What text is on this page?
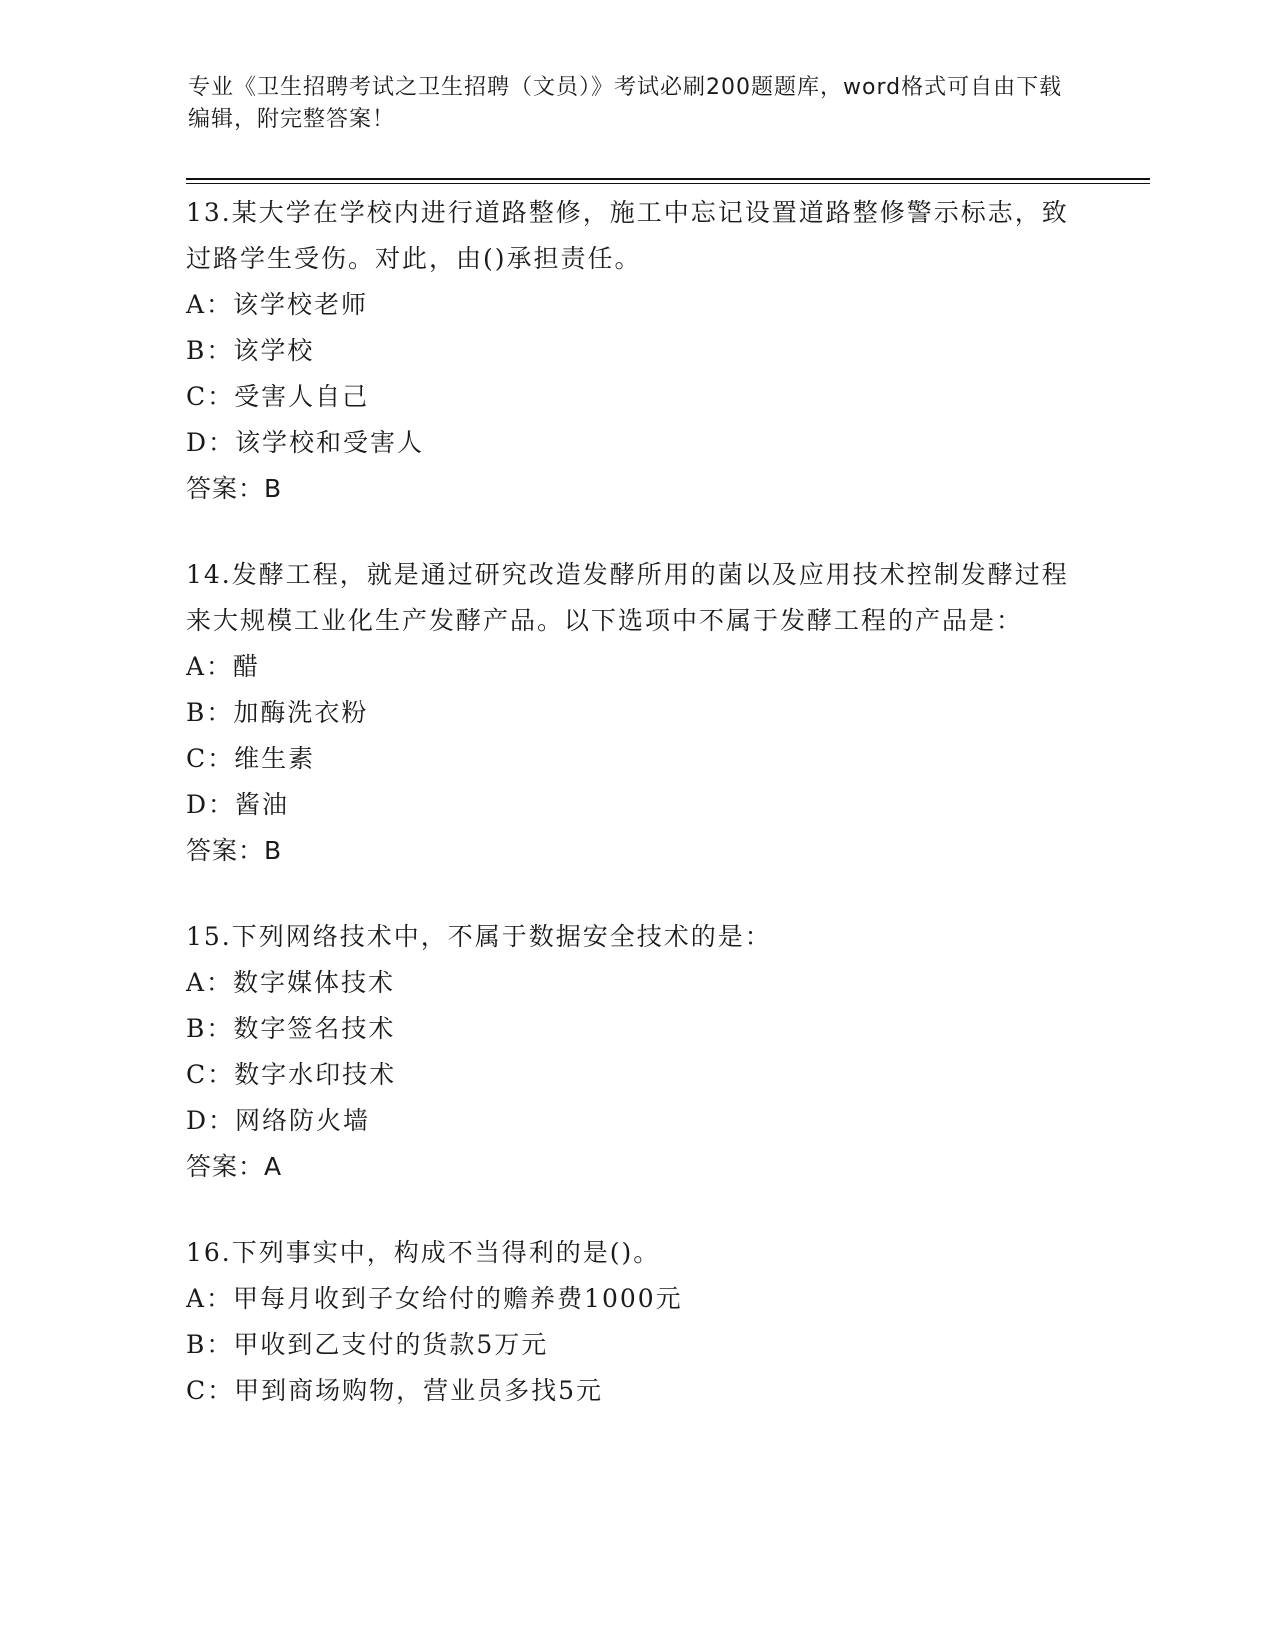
专业《卫生招聘考试之卫生招聘（文员）》考试必刷200题题库，word格式可自由下载编辑，附完整答案！
13.某大学在学校内进行道路整修，施工中忘记设置道路整修警示标志，致过路学生受伤。对此，由()承担责任。
A：该学校老师
B：该学校
C：受害人自己
D：该学校和受害人
答案：B
14.发酵工程，就是通过研究改造发酵所用的菌以及应用技术控制发酵过程来大规模工业化生产发酵产品。以下选项中不属于发酵工程的产品是：
A：醋
B：加酶洗衣粉
C：维生素
D：酱油
答案：B
15.下列网络技术中，不属于数据安全技术的是：
A：数字媒体技术
B：数字签名技术
C：数字水印技术
D：网络防火墙
答案：A
16.下列事实中，构成不当得利的是()。
A：甲每月收到子女给付的赡养费1000元
B：甲收到乙支付的货款5万元
C：甲到商场购物，营业员多找5元
